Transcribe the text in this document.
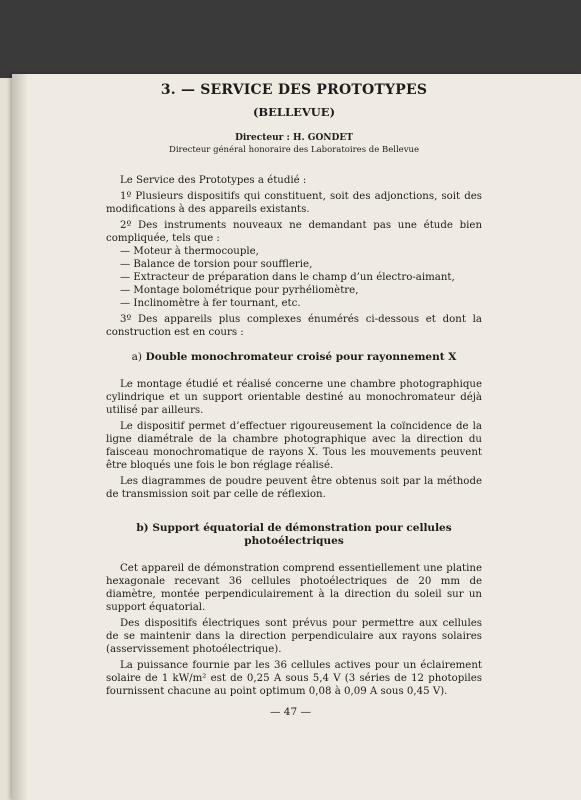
3. — SERVICE DES PROTOTYPES
(BELLEVUE)
Directeur : H. GONDET
Directeur général honoraire des Laboratoires de Bellevue

Le Service des Prototypes a étudié :

1º Plusieurs dispositifs qui constituent, soit des adjonctions, soit des modifications à des appareils existants.

2º Des instruments nouveaux ne demandant pas une étude bien compliquée, tels que :

— Moteur à thermocouple,
— Balance de torsion pour soufflerie,
— Extracteur de préparation dans le champ d’un électro-aimant,
— Montage bolométrique pour pyrhéliomètre,
— Inclinomètre à fer tournant, etc.

3º Des appareils plus complexes énumérés ci-dessous et dont la construction est en cours :

a) Double monochromateur croisé pour rayonnement X

Le montage étudié et réalisé concerne une chambre photographique cylindrique et un support orientable destiné au monochromateur déjà utilisé par ailleurs.

Le dispositif permet d’effectuer rigoureusement la coïncidence de la ligne diamétrale de la chambre photographique avec la direction du faisceau monochromatique de rayons X. Tous les mouvements peuvent être bloqués une fois le bon réglage réalisé.

Les diagrammes de poudre peuvent être obtenus soit par la méthode de transmission soit par celle de réflexion.

b) Support équatorial de démonstration pour cellules photoélectriques

Cet appareil de démonstration comprend essentiellement une platine hexagonale recevant 36 cellules photoélectriques de 20 mm de diamètre, montée perpendiculairement à la direction du soleil sur un support équatorial.

Des dispositifs électriques sont prévus pour permettre aux cellules de se maintenir dans la direction perpendiculaire aux rayons solaires (asservissement photoélectrique).

La puissance fournie par les 36 cellules actives pour un éclairement solaire de 1 kW/m² est de 0,25 A sous 5,4 V (3 séries de 12 photopiles fournissent chacune au point optimum 0,08 à 0,09 A sous 0,45 V).

— 47 —
